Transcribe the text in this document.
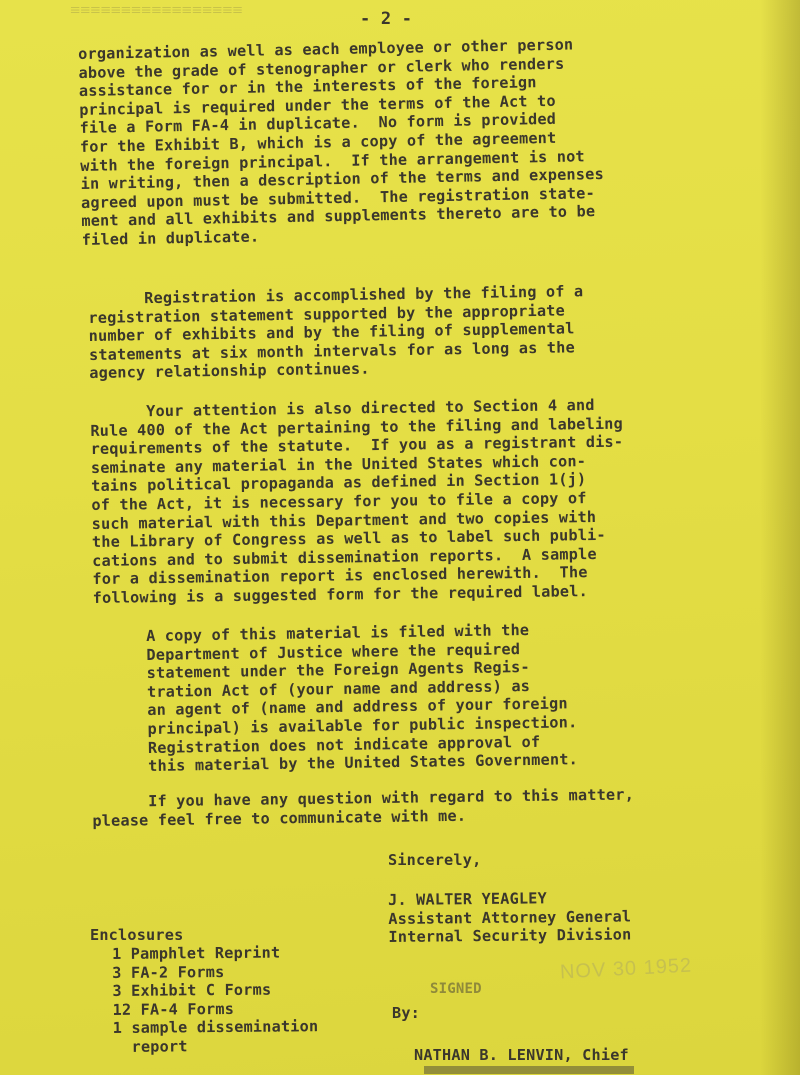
≡≡≡≡≡≡≡≡≡≡≡≡≡≡≡≡≡	- 2 -
organization as well as each employee or other person
above the grade of stenographer or clerk who renders
assistance for or in the interests of the foreign
principal is required under the terms of the Act to
file a Form FA-4 in duplicate.  No form is provided
for the Exhibit B, which is a copy of the agreement
with the foreign principal.  If the arrangement is not
in writing, then a description of the terms and expenses
agreed upon must be submitted.  The registration state-
ment and all exhibits and supplements thereto are to be
filed in duplicate.
Registration is accomplished by the filing of a
registration statement supported by the appropriate
number of exhibits and by the filing of supplemental
statements at six month intervals for as long as the
agency relationship continues.
Your attention is also directed to Section 4 and
Rule 400 of the Act pertaining to the filing and labeling
requirements of the statute.  If you as a registrant dis-
seminate any material in the United States which con-
tains political propaganda as defined in Section 1(j)
of the Act, it is necessary for you to file a copy of
such material with this Department and two copies with
the Library of Congress as well as to label such publi-
cations and to submit dissemination reports.  A sample
for a dissemination report is enclosed herewith.  The
following is a suggested form for the required label.
A copy of this material is filed with the
Department of Justice where the required
statement under the Foreign Agents Regis-
tration Act of (your name and address) as
an agent of (name and address of your foreign
principal) is available for public inspection.
Registration does not indicate approval of
this material by the United States Government.
If you have any question with regard to this matter,
please feel free to communicate with me.
Sincerely,
J. WALTER YEAGLEY
Assistant Attorney General
Internal Security Division
Enclosures
1 Pamphlet Reprint
3 FA-2 Forms
3 Exhibit C Forms
12 FA-4 Forms
1 sample dissemination
report
SIGNED
NOV 30 1952
By:
NATHAN B. LENVIN, Chief
